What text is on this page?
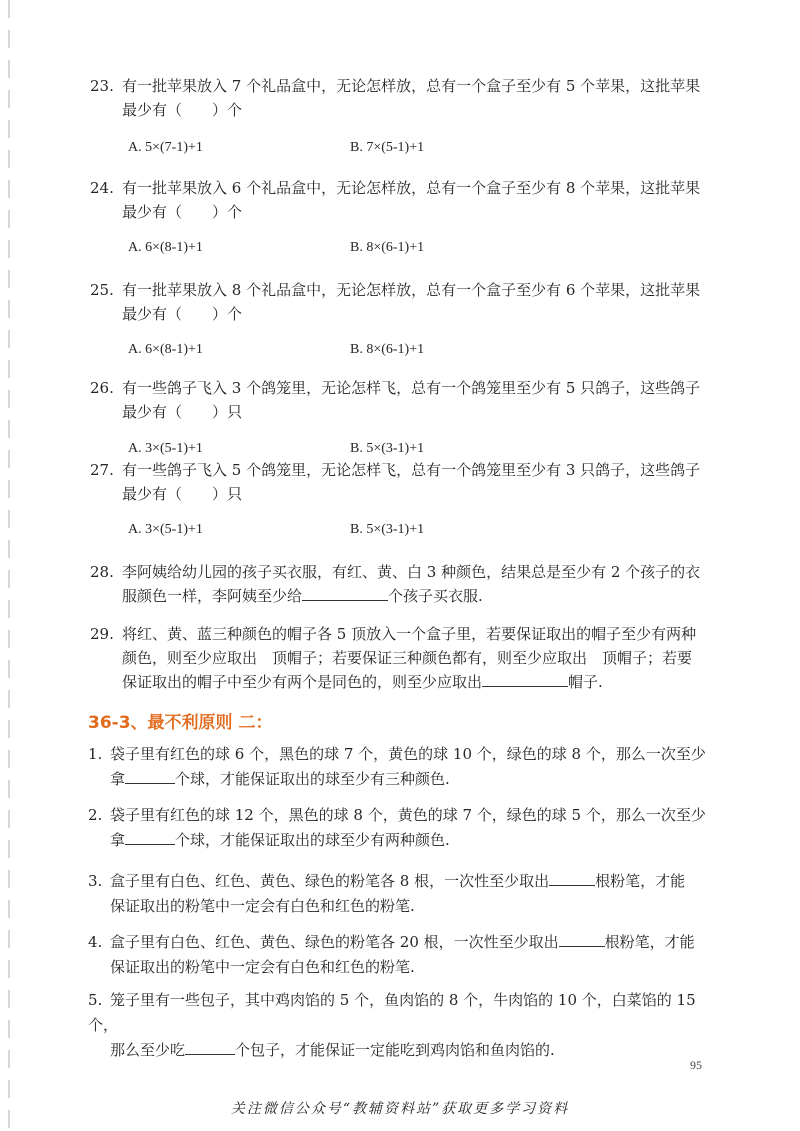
23. 有一批苹果放入 7 个礼品盒中，无论怎样放，总有一个盒子至少有 5 个苹果，这批苹果
最少有（　　）个
A. 5×(7-1)+1	B. 7×(5-1)+1
24. 有一批苹果放入 6 个礼品盒中，无论怎样放，总有一个盒子至少有 8 个苹果，这批苹果
最少有（　　）个
A. 6×(8-1)+1	B. 8×(6-1)+1
25. 有一批苹果放入 8 个礼品盒中，无论怎样放，总有一个盒子至少有 6 个苹果，这批苹果
最少有（　　）个
A. 6×(8-1)+1	B. 8×(6-1)+1
26. 有一些鸽子飞入 3 个鸽笼里，无论怎样飞，总有一个鸽笼里至少有 5 只鸽子，这些鸽子
最少有（　　）只
A. 3×(5-1)+1	B. 5×(3-1)+1
27. 有一些鸽子飞入 5 个鸽笼里，无论怎样飞，总有一个鸽笼里至少有 3 只鸽子，这些鸽子
最少有（　　）只
A. 3×(5-1)+1	B. 5×(3-1)+1
28. 李阿姨给幼儿园的孩子买衣服，有红、黄、白 3 种颜色，结果总是至少有 2 个孩子的衣
服颜色一样，李阿姨至少给	个孩子买衣服.
29. 将红、黄、蓝三种颜色的帽子各 5 顶放入一个盒子里，若要保证取出的帽子至少有两种
颜色，则至少应取出　顶帽子；若要保证三种颜色都有，则至少应取出　顶帽子；若要
保证取出的帽子中至少有两个是同色的，则至少应取出	帽子.
36-3、最不利原则 二：
1. 袋子里有红色的球 6 个，黑色的球 7 个，黄色的球 10 个，绿色的球 8 个，那么一次至少
拿	个球，才能保证取出的球至少有三种颜色.
2. 袋子里有红色的球 12 个，黑色的球 8 个，黄色的球 7 个，绿色的球 5 个，那么一次至少
拿	个球，才能保证取出的球至少有两种颜色.
3. 盒子里有白色、红色、黄色、绿色的粉笔各 8 根，一次性至少取出	根粉笔，才能
保证取出的粉笔中一定会有白色和红色的粉笔.
4. 盒子里有白色、红色、黄色、绿色的粉笔各 20 根，一次性至少取出	根粉笔，才能
保证取出的粉笔中一定会有白色和红色的粉笔.
5. 笼子里有一些包子，其中鸡肉馅的 5 个，鱼肉馅的 8 个，牛肉馅的 10 个，白菜馅的 15 个，
那么至少吃	个包子，才能保证一定能吃到鸡肉馅和鱼肉馅的.
95
关注微信公众号“教辅资料站”获取更多学习资料
